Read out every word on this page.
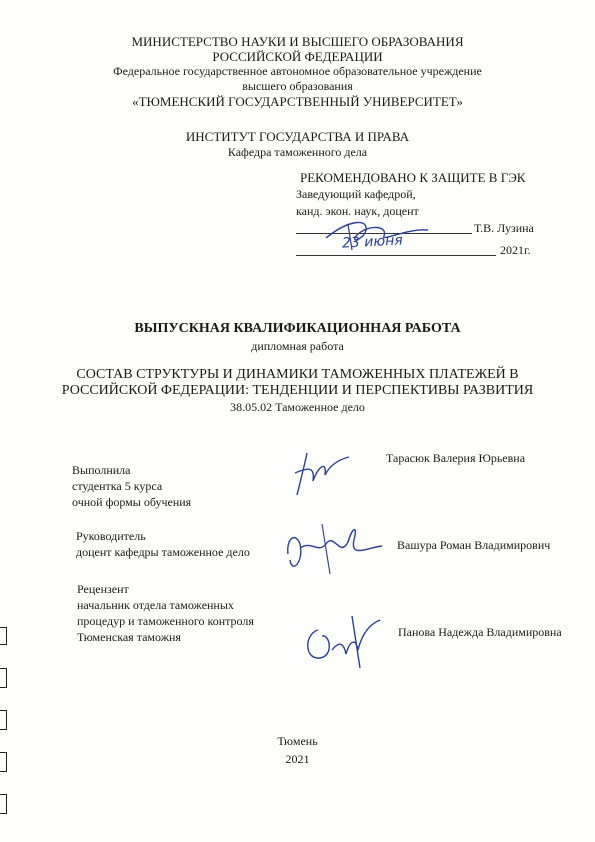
МИНИСТЕРСТВО НАУКИ И ВЫСШЕГО ОБРАЗОВАНИЯ
РОССИЙСКОЙ ФЕДЕРАЦИИ
Федеральное государственное автономное образовательное учреждение
высшего образования
«ТЮМЕНСКИЙ ГОСУДАРСТВЕННЫЙ УНИВЕРСИТЕТ»
ИНСТИТУТ ГОСУДАРСТВА И ПРАВА
Кафедра таможенного дела
РЕКОМЕНДОВАНО К ЗАЩИТЕ В ГЭК
Заведующий кафедрой,
канд. экон. наук, доцент
Т.В. Лузина
23 июня	2021г.
ВЫПУСКНАЯ КВАЛИФИКАЦИОННАЯ РАБОТА
дипломная работа
СОСТАВ СТРУКТУРЫ И ДИНАМИКИ ТАМОЖЕННЫХ ПЛАТЕЖЕЙ В
РОССИЙСКОЙ ФЕДЕРАЦИИ: ТЕНДЕНЦИИ И ПЕРСПЕКТИВЫ РАЗВИТИЯ
38.05.02 Таможенное дело
Выполнила
студентка 5 курса
очной формы обучения
Тарасюк Валерия Юрьевна
Руководитель
доцент кафедры таможенное дело	Вашура Роман Владимирович
Рецензент
начальник отдела таможенных
процедур и таможенного контроля
Тюменская таможня	Панова Надежда Владимировна
Тюмень
2021
